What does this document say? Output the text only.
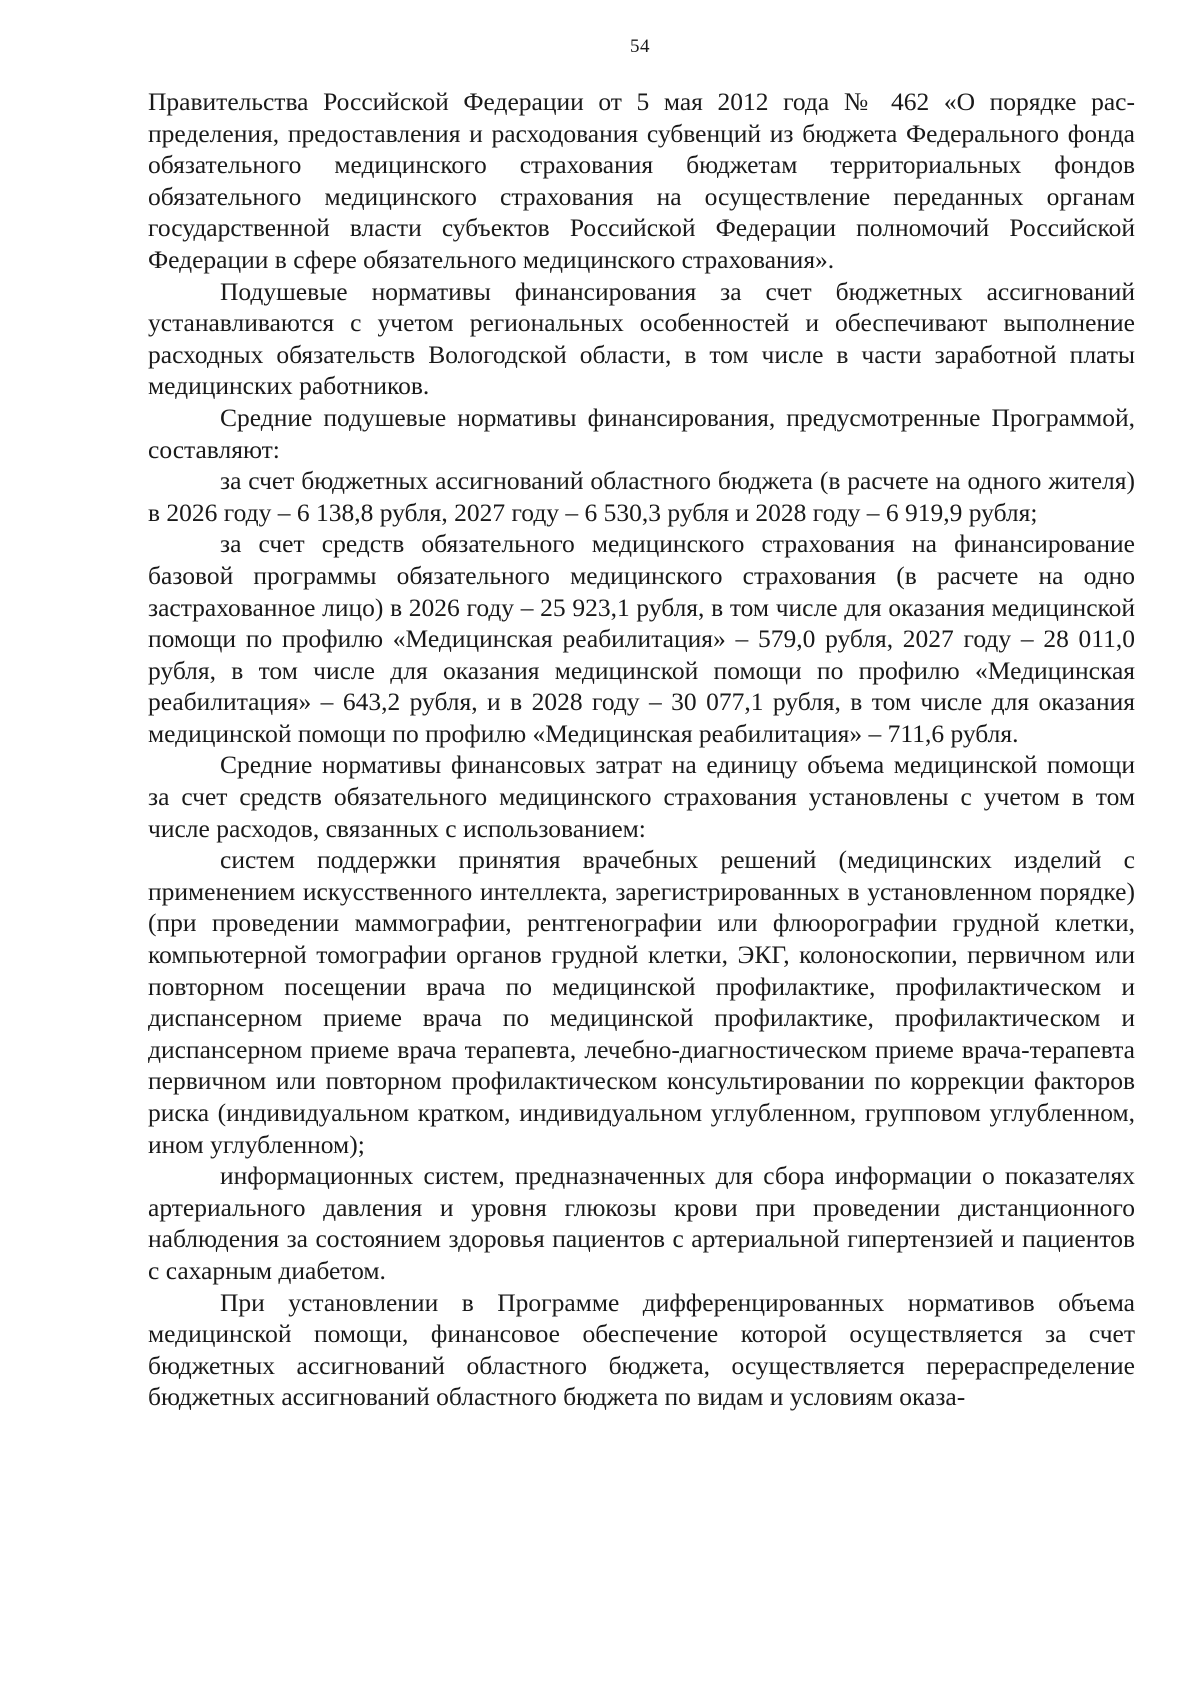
54

Правительства Российской Федерации от 5 мая 2012 года № 462 «О порядке распределения, предоставления и расходования субвенций из бюджета Федерального фонда обязательного медицинского страхования бюджетам территориальных фондов обязательного медицинского страхования на осуществление переданных органам государственной власти субъектов Российской Федерации полномочий Российской Федерации в сфере обязательного медицинского страхования».

Подушевые нормативы финансирования за счет бюджетных ассигнований устанавливаются с учетом региональных особенностей и обеспечивают выполнение расходных обязательств Вологодской области, в том числе в части заработной платы медицинских работников.

Средние подушевые нормативы финансирования, предусмотренные Программой, составляют:

за счет бюджетных ассигнований областного бюджета (в расчете на одного жителя) в 2026 году – 6 138,8 рубля, 2027 году – 6 530,3 рубля и 2028 году – 6 919,9 рубля;

за счет средств обязательного медицинского страхования на финансирование базовой программы обязательного медицинского страхования (в расчете на одно застрахованное лицо) в 2026 году – 25 923,1 рубля, в том числе для оказания медицинской помощи по профилю «Медицинская реабилитация» – 579,0 рубля, 2027 году – 28 011,0 рубля, в том числе для оказания медицинской помощи по профилю «Медицинская реабилитация» – 643,2 рубля, и в 2028 году – 30 077,1 рубля, в том числе для оказания медицинской помощи по профилю «Медицинская реабилитация» – 711,6 рубля.

Средние нормативы финансовых затрат на единицу объема медицинской помощи за счет средств обязательного медицинского страхования установлены с учетом в том числе расходов, связанных с использованием:

систем поддержки принятия врачебных решений (медицинских изделий с применением искусственного интеллекта, зарегистрированных в установленном порядке) (при проведении маммографии, рентгенографии или флюорографии грудной клетки, компьютерной томографии органов грудной клетки, ЭКГ, колоноскопии, первичном или повторном посещении врача по медицинской профилактике, профилактическом и диспансерном приеме врача по медицинской профилактике, профилактическом и диспансерном приеме врача терапевта, лечебно-диагностическом приеме врача-терапевта первичном или повторном профилактическом консультировании по коррекции факторов риска (индивидуальном кратком, индивидуальном углубленном, групповом углубленном, ином углубленном);

информационных систем, предназначенных для сбора информации о показателях артериального давления и уровня глюкозы крови при проведении дистанционного наблюдения за состоянием здоровья пациентов с артериальной гипертензией и пациентов с сахарным диабетом.

При установлении в Программе дифференцированных нормативов объема медицинской помощи, финансовое обеспечение которой осуществляется за счет бюджетных ассигнований областного бюджета, осуществляется перераспределение бюджетных ассигнований областного бюджета по видам и условиям оказа-
